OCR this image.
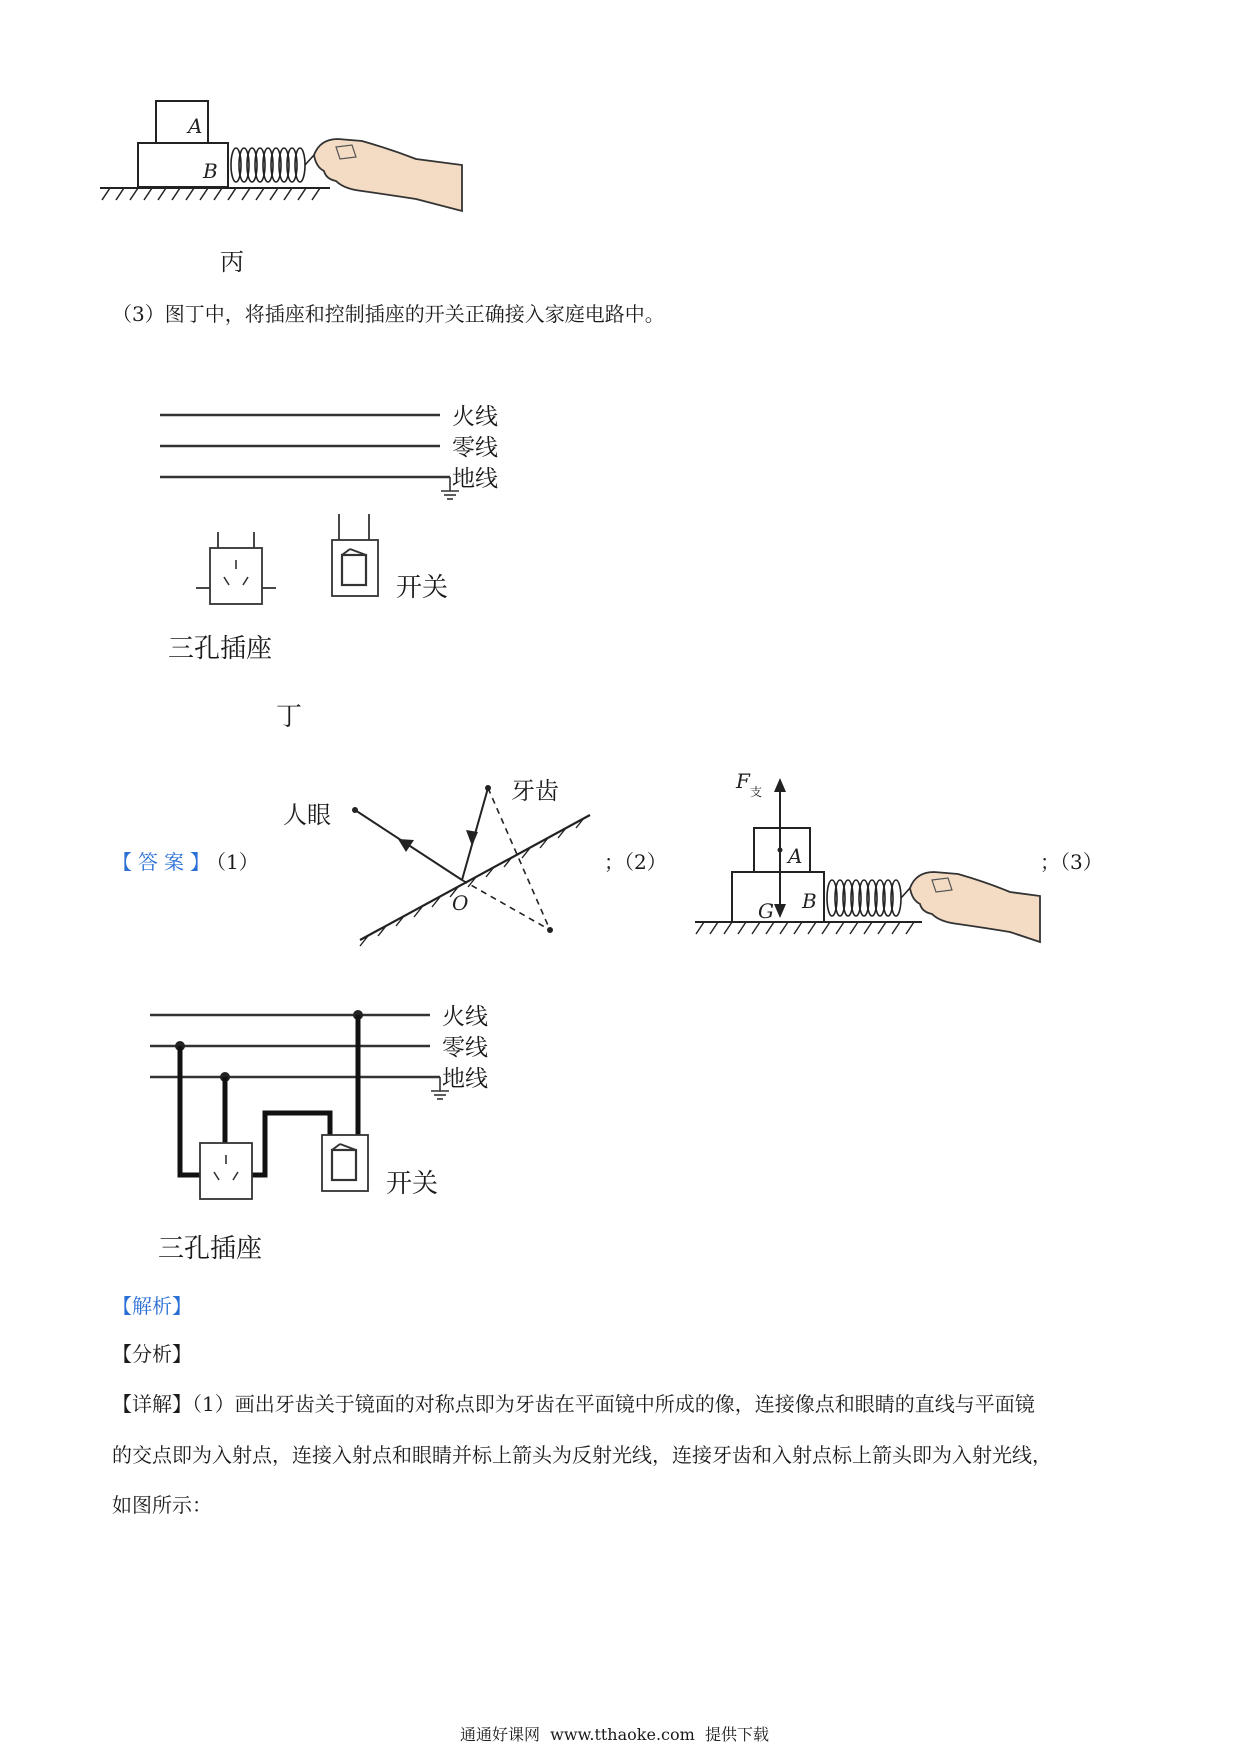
A
B
丙
（3）图丁中，将插座和控制插座的开关正确接入家庭电路中。
火线
零线
地线
开关
三孔插座
丁
【答案】（1）
O
人眼
牙齿
；（2）
F 支
A
B
G
；（3）
火线
零线
地线
开关
三孔插座
【解析】
【分析】
【详解】（1）画出牙齿关于镜面的对称点即为牙齿在平面镜中所成的像，连接像点和眼睛的直线与平面镜
的交点即为入射点，连接入射点和眼睛并标上箭头为反射光线，连接牙齿和入射点标上箭头即为入射光线，
如图所示：
通通好课网  www.tthaoke.com  提供下载
